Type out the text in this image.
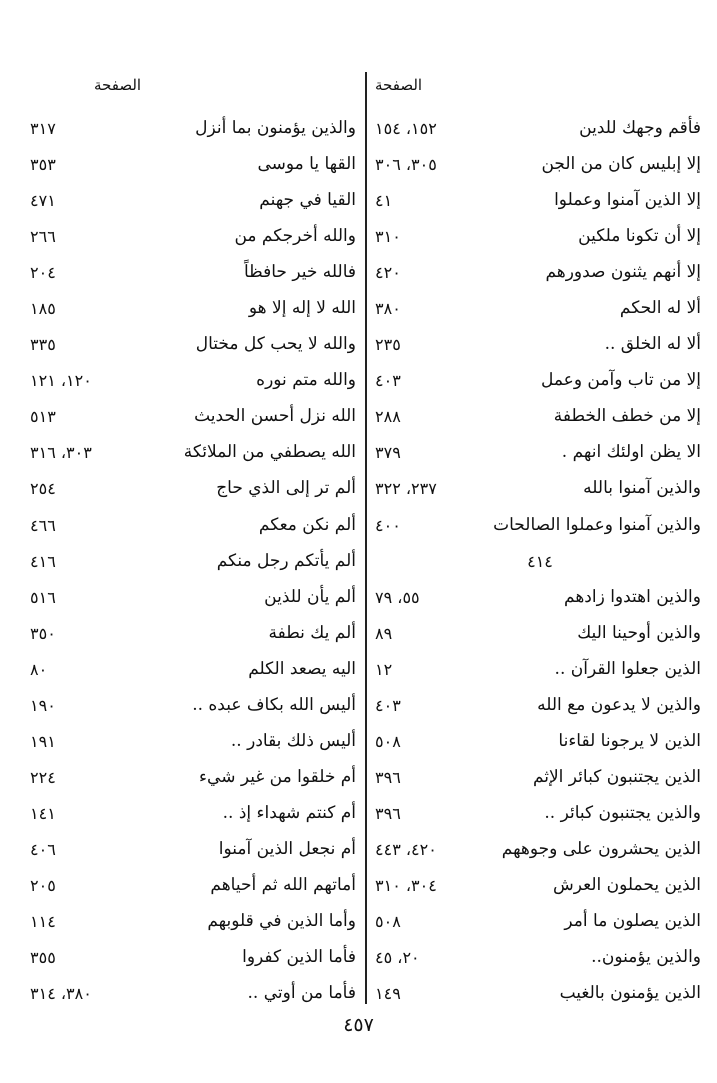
الصفحة
فأقم وجهك للدين
١٥٢، ١٥٤
إلا إبليس كان من الجن
٣٠٥، ٣٠٦
إلا الذين آمنوا وعملوا
٤١
إلا أن تكونا ملكين
٣١٠
إلا أنهم يثنون صدورهم
٤٢٠
ألا له الحكم
٣٨٠
ألا له الخلق ..
٢٣٥
إلا من تاب وآمن وعمل
٤٠٣
إلا من خطف الخطفة
٢٨٨
الا يظن اولئك انهم .
٣٧٩
والذين آمنوا بالله
٢٣٧، ٣٢٢
والذين آمنوا وعملوا الصالحات
٤٠٠
٤١٤
والذين اهتدوا زادهم
٥٥، ٧٩
والذين أوحينا اليك
٨٩
الذين جعلوا القرآن ..
١٢
والذين لا يدعون مع الله
٤٠٣
الذين لا يرجونا لقاءنا
٥٠٨
الذين يجتنبون كبائر الإثم
٣٩٦
والذين يجتنبون كبائر ..
٣٩٦
الذين يحشرون على وجوههم
٤٢٠، ٤٤٣
الذين يحملون العرش
٣٠٤، ٣١٠
الذين يصلون ما أمر
٥٠٨
والذين يؤمنون..
٢٠، ٤٥
الذين يؤمنون بالغيب
١٤٩
الصفحة
والذين يؤمنون بما أنزل
٣١٧
القها يا موسى
٣٥٣
القيا في جهنم
٤٧١
والله أخرجكم من
٢٦٦
فالله خير حافظاً
٢٠٤
الله لا إله إلا هو
١٨٥
والله لا يحب كل مختال
٣٣٥
والله متم نوره
١٢٠، ١٢١
الله نزل أحسن الحديث
٥١٣
الله يصطفي من الملائكة
٣٠٣، ٣١٦
ألم تر إلى الذي حاج
٢٥٤
ألم نكن معكم
٤٦٦
ألم يأتكم رجل منكم
٤١٦
ألم يأن للذين
٥١٦
ألم يك نطفة
٣٥٠
اليه يصعد الكلم
٨٠
أليس الله بكاف عبده ..
١٩٠
أليس ذلك بقادر ..
١٩١
أم خلقوا من غير شيء
٢٢٤
أم كنتم شهداء إذ ..
١٤١
أم نجعل الذين آمنوا
٤٠٦
أماتهم الله ثم أحياهم
٢٠٥
وأما الذين في قلوبهم
١١٤
فأما الذين كفروا
٣٥٥
فأما من أوتي ..
٣٨٠، ٣١٤
٤٥٧
